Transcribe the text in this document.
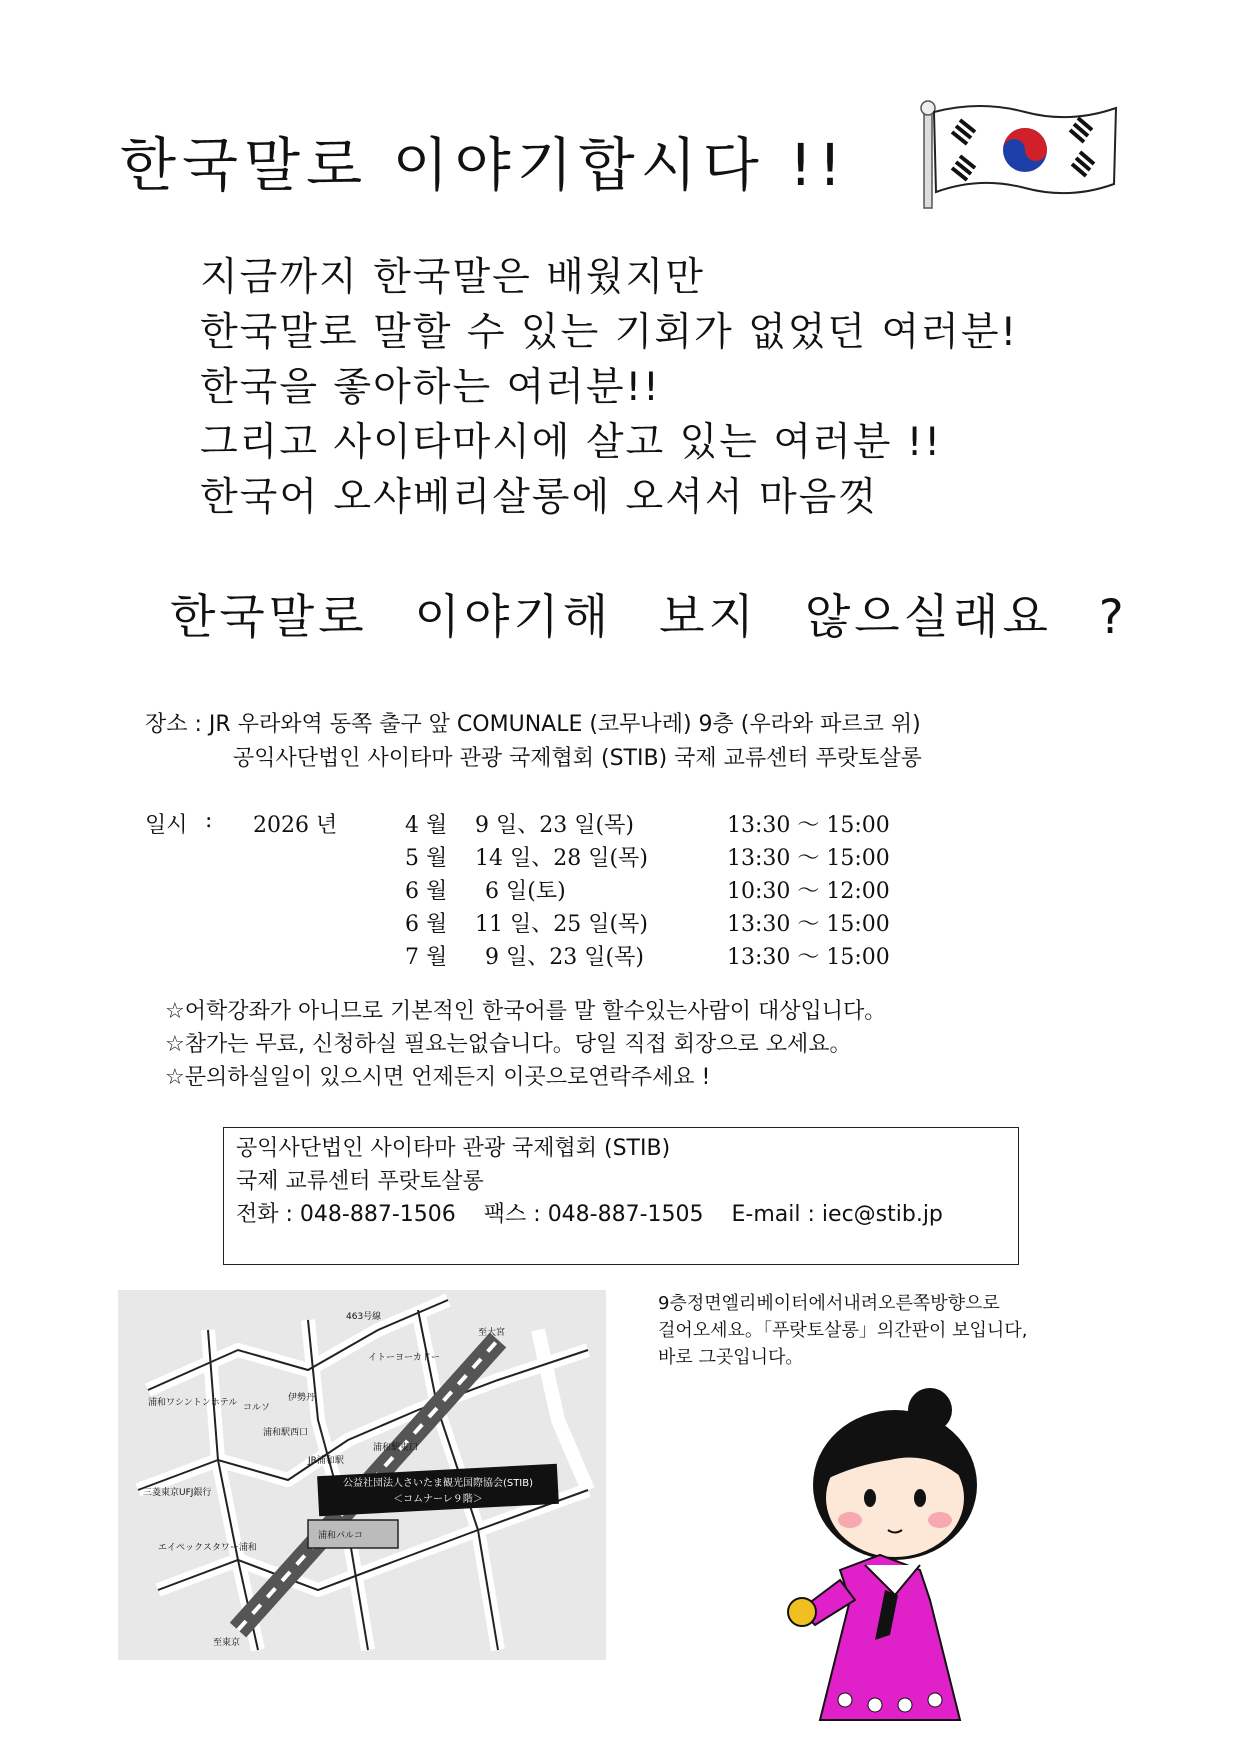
한국말로 이야기합시다 !!
지금까지 한국말은 배웠지만
한국말로 말할 수 있는 기회가 없었던 여러분!
한국을 좋아하는 여러분!!
그리고 사이타마시에 살고 있는 여러분 !!
한국어 오샤베리살롱에 오셔서 마음껏
한국말로 이야기해 보지 않으실래요 ?
장소 : JR 우라와역 동쪽 출구 앞 COMUNALE (코무나레) 9층 (우라와 파르코 위)
공익사단법인 사이타마 관광 국제협회 (STIB) 국제 교류센터 푸랏토살롱
일시 : 2026 년	4 월 9 일、23 일(목)	13:30 ～ 15:00
5 월 14 일、28 일(목)	13:30 ～ 15:00
6 월 6 일(토)	10:30 ～ 12:00
6 월 11 일、25 일(목)	13:30 ～ 15:00
7 월 9 일、23 일(목)	13:30 ～ 15:00
☆어학강좌가 아니므로 기본적인 한국어를 말 할수있는사람이 대상입니다。
☆참가는 무료, 신청하실 필요는없습니다。당일 직접 회장으로 오세요。
☆문의하실일이 있으시면 언제든지 이곳으로연락주세요 !
공익사단법인 사이타마 관광 국제협회 (STIB)
국제 교류센터 푸랏토살롱
전화 : 048-887-1506 팩스 : 048-887-1505 E-mail : iec@stib.jp
公益社団法人さいたま観光国際協会(STIB)
＜コムナーレ９階＞
463号線
JR浦和駅
浦和ワシントンホテル
三菱東京UFJ銀行
エイペックスタワー浦和
コルソ
伊勢丹
浦和駅西口
イトーヨーカドー
浦和駅東口
浦和パルコ
至大宮
至東京
9층정면엘리베이터에서내려오른쪽방향으로
걸어오세요。「푸랏토살롱」의간판이 보입니다,
바로 그곳입니다。
